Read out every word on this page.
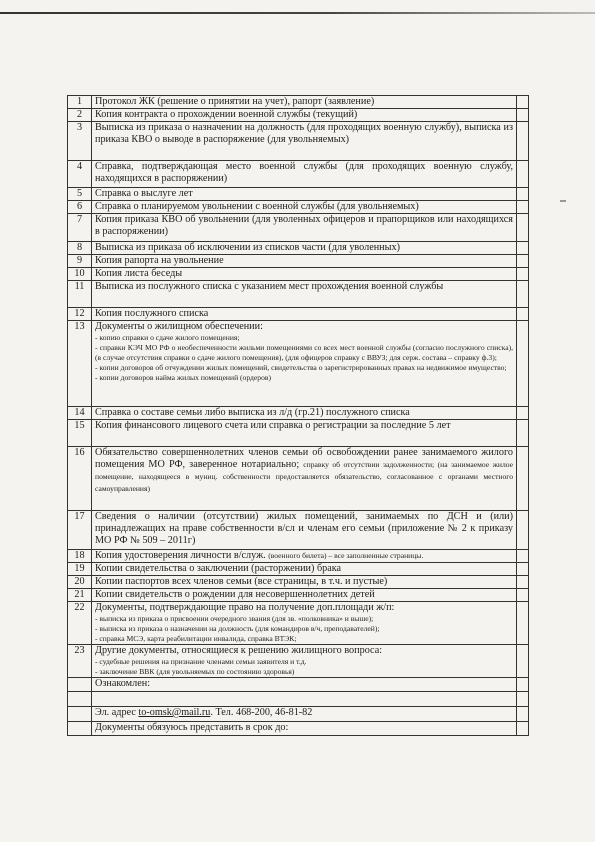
1	Протокол ЖК (решение о принятии на учет), рапорт (заявление)	

2	Копия контракта о прохождении военной службы (текущий)	

3	Выписка из приказа о назначении на должность (для проходящих военную службу), выписка из приказа КВО о выводе в распоряжение (для увольняемых)	

4	Справка, подтверждающая место военной службы (для проходящих военную службу, находящихся в распоряжении)	

5	Справка о выслуге лет	

6	Справка о планируемом увольнении с военной службы (для увольняемых)	

7	Копия приказа КВО об увольнении (для уволенных офицеров и прапорщиков или находящихся в распоряжении)	

8	Выписка из приказа об исключении из списков части (для уволенных)	

9	Копия рапорта на увольнение	

10	Копия листа беседы	

11	Выписка из послужного списка с указанием мест прохождения военной службы	

12	Копия послужного списка	

13	Документы о жилищном обеспечении:
- копию справки о сдаче жилого помещения;
- справки КЭЧ МО РФ о необеспеченности жильми помещениями со всех мест военной службы (согласно послужного списка), (в случае отсутствия справки о сдаче жилого помещения), (для офицеров справку с ВВУЗ; для серж. состава – справку ф.3);
- копии договоров об отчуждении жилых помещений, свидетельства о зарегистрированных правах на недвижимое имущество;
- копии договоров найма жилых помещений (ордеров)	

14	Справка о составе семьи либо выписка из л/д (гр.21) послужного списка	

15	Копия финансового лицевого счета или справка о регистрации за последние 5 лет	

16	Обязательство совершеннолетних членов семьи об освобождении ранее занимаемого жилого помещения МО РФ, заверенное нотариально; справку об отсутствии задолженности; (на занимаемое жилое помещение, находящееся в муниц. собственности предоставляется обязательство, согласованное с органами местного самоуправления)	

17	Сведения о наличии (отсутствии) жилых помещений, занимаемых по ДСН и (или) принадлежащих на праве собственности в/сл и членам его семьи (приложение № 2 к приказу МО РФ № 509 – 2011г)	

18	Копия удостоверения личности в/служ. (военного билета) – все заполненные страницы.	

19	Копии свидетельства о заключении (расторжении) брака	

20	Копии паспортов всех членов семьи (все страницы, в т.ч. и пустые)	

21	Копии свидетельств о рождении для несовершеннолетних детей	

22	Документы, подтверждающие право на получение доп.площади ж/п:
- выписка из приказа о присвоении очередного звания (для зв. «полковника» и выше);
- выписка из приказа о назначении на должность (для командиров в/ч, преподавателей);
- справка МСЭ, карта реабилитации инвалида, справка ВТЭК;	

23	Другие документы, относящиеся к решению жилищного вопроса:
- судебные решения на признание членами семьи заявителя и т.д.
- заключение ВВК (для увольняемых по состоянию здоровья)	

	Ознакомлен:	

	Эл. адрес to-omsk@mail.ru. Тел. 468-200, 46-81-82	
	Документы обязуюсь представить в срок до:	
